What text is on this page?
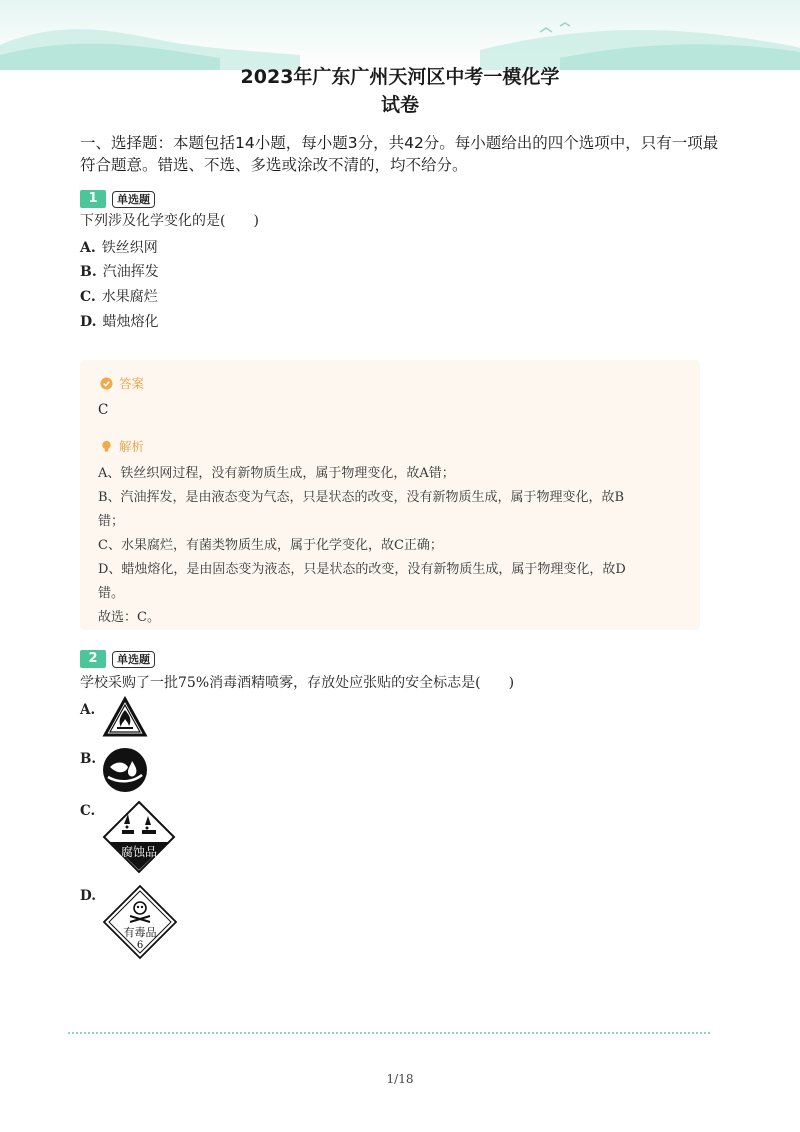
2023年广东广州天河区中考一模化学
试卷
一、选择题：本题包括14小题，每小题3分，共42分。每小题给出的四个选项中，只有一项最符合题意。错选、不选、多选或涂改不清的，均不给分。
1	单选题
下列涉及化学变化的是(　　)
A. 铁丝织网
B. 汽油挥发
C. 水果腐烂
D. 蜡烛熔化
答案
C
解析
A、铁丝织网过程，没有新物质生成，属于物理变化，故A错；
B、汽油挥发，是由液态变为气态，只是状态的改变，没有新物质生成，属于物理变化，故B
错；
C、水果腐烂，有菌类物质生成，属于化学变化，故C正确；
D、蜡烛熔化，是由固态变为液态，只是状态的改变，没有新物质生成，属于物理变化，故D
错。
故选：C。
2	单选题
学校采购了一批75%消毒酒精喷雾，存放处应张贴的安全标志是(　　)
A.
B.
C.
腐蚀品
D.
有毒品
6
1/18
